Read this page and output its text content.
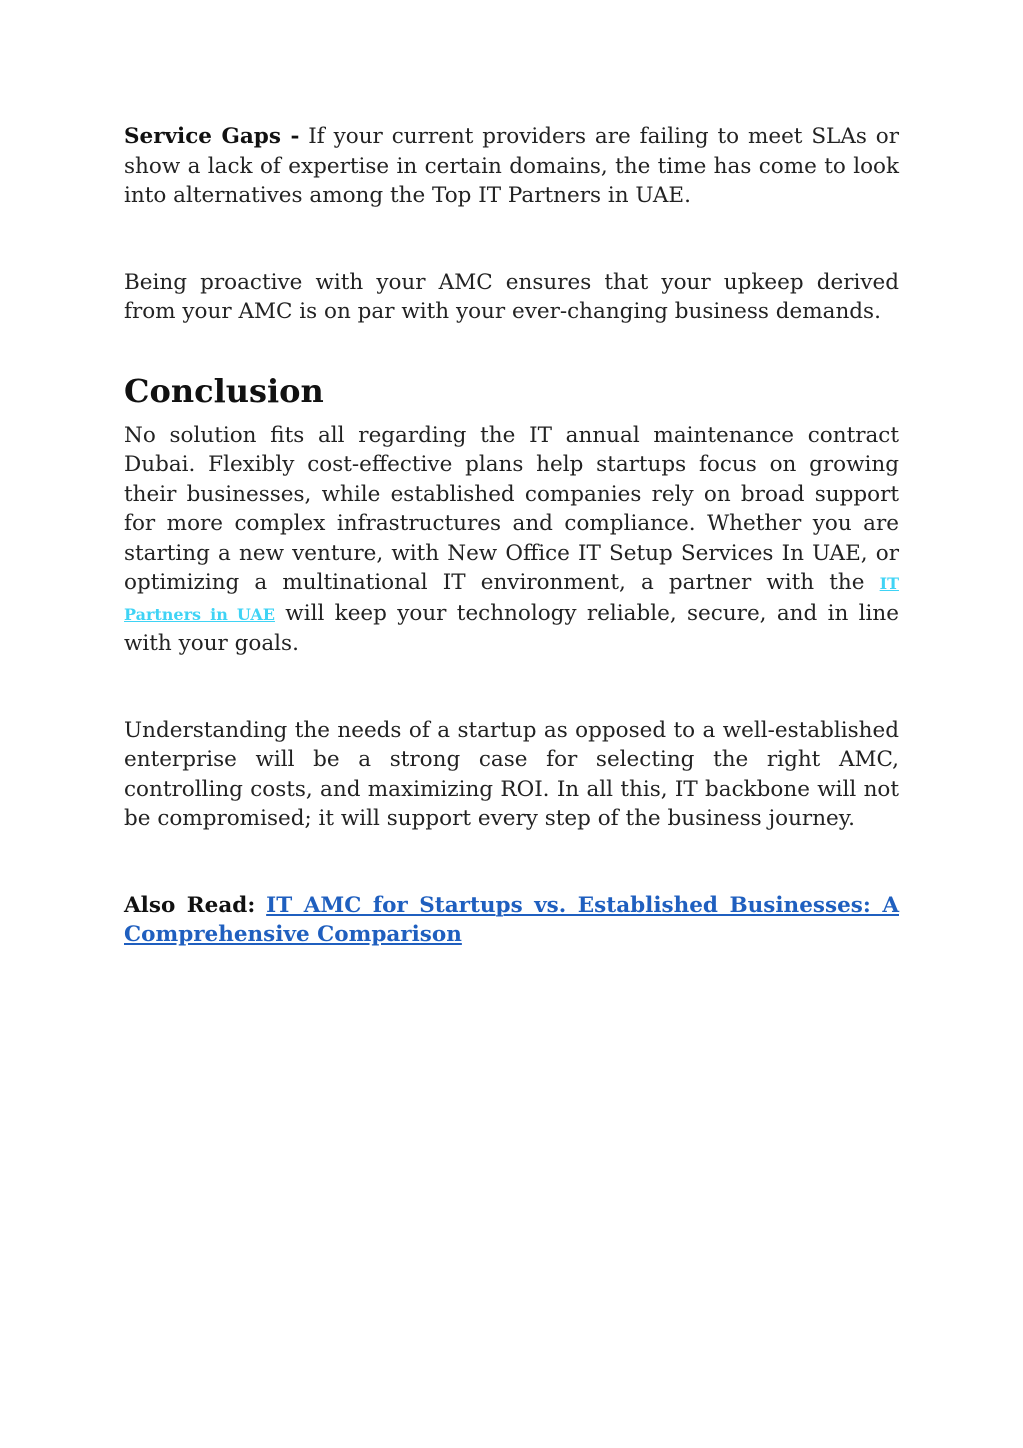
Service Gaps - If your current providers are failing to meet SLAs or show a lack of expertise in certain domains, the time has come to look into alternatives among the Top IT Partners in UAE.

Being proactive with your AMC ensures that your upkeep derived from your AMC is on par with your ever-changing business demands.

Conclusion

No solution fits all regarding the IT annual maintenance contract Dubai. Flexibly cost-effective plans help startups focus on growing their businesses, while established companies rely on broad support for more complex infrastructures and compliance. Whether you are starting a new venture, with New Office IT Setup Services In UAE, or optimizing a multinational IT environment, a partner with the IT Partners in UAE will keep your technology reliable, secure, and in line with your goals.

Understanding the needs of a startup as opposed to a well-established enterprise will be a strong case for selecting the right AMC, controlling costs, and maximizing ROI. In all this, IT backbone will not be compromised; it will support every step of the business journey.

Also Read: IT AMC for Startups vs. Established Businesses: A Comprehensive Comparison
